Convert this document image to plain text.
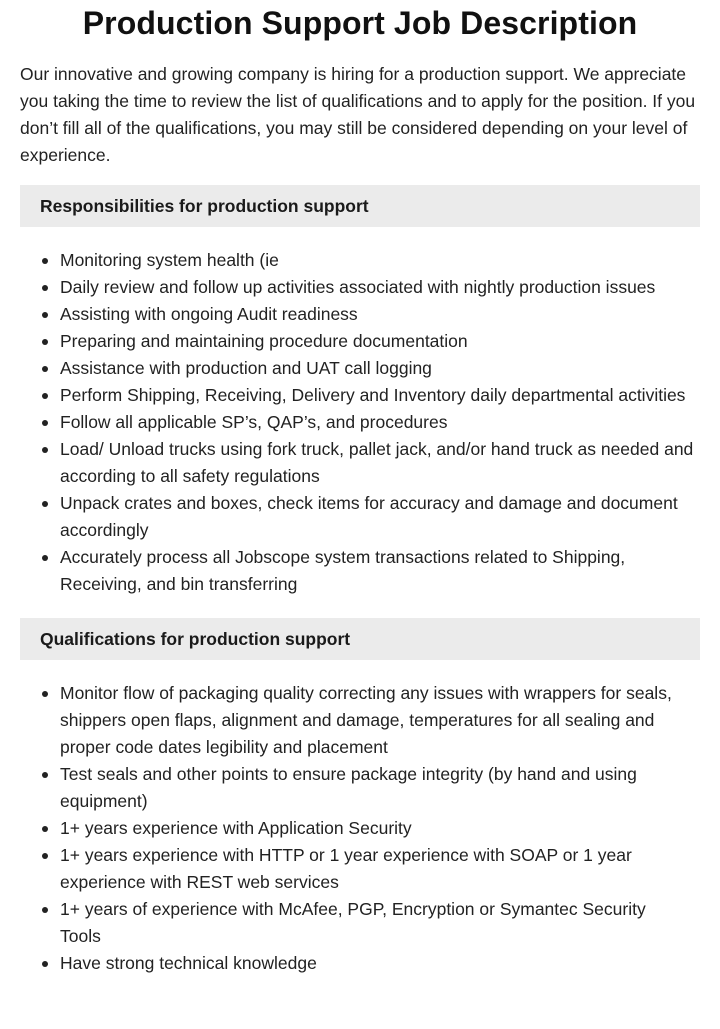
Production Support Job Description

Our innovative and growing company is hiring for a production support. We appreciate you taking the time to review the list of qualifications and to apply for the position. If you don’t fill all of the qualifications, you may still be considered depending on your level of experience.

Responsibilities for production support
Monitoring system health (ie
Daily review and follow up activities associated with nightly production issues
Assisting with ongoing Audit readiness
Preparing and maintaining procedure documentation
Assistance with production and UAT call logging
Perform Shipping, Receiving, Delivery and Inventory daily departmental activities
Follow all applicable SP’s, QAP’s, and procedures
Load/ Unload trucks using fork truck, pallet jack, and/or hand truck as needed and according to all safety regulations
Unpack crates and boxes, check items for accuracy and damage and document accordingly
Accurately process all Jobscope system transactions related to Shipping, Receiving, and bin transferring
Qualifications for production support
Monitor flow of packaging quality correcting any issues with wrappers for seals, shippers open flaps, alignment and damage, temperatures for all sealing and proper code dates legibility and placement
Test seals and other points to ensure package integrity (by hand and using equipment)
1+ years experience with Application Security
1+ years experience with HTTP or 1 year experience with SOAP or 1 year experience with REST web services
1+ years of experience with McAfee, PGP, Encryption or Symantec Security Tools
Have strong technical knowledge
